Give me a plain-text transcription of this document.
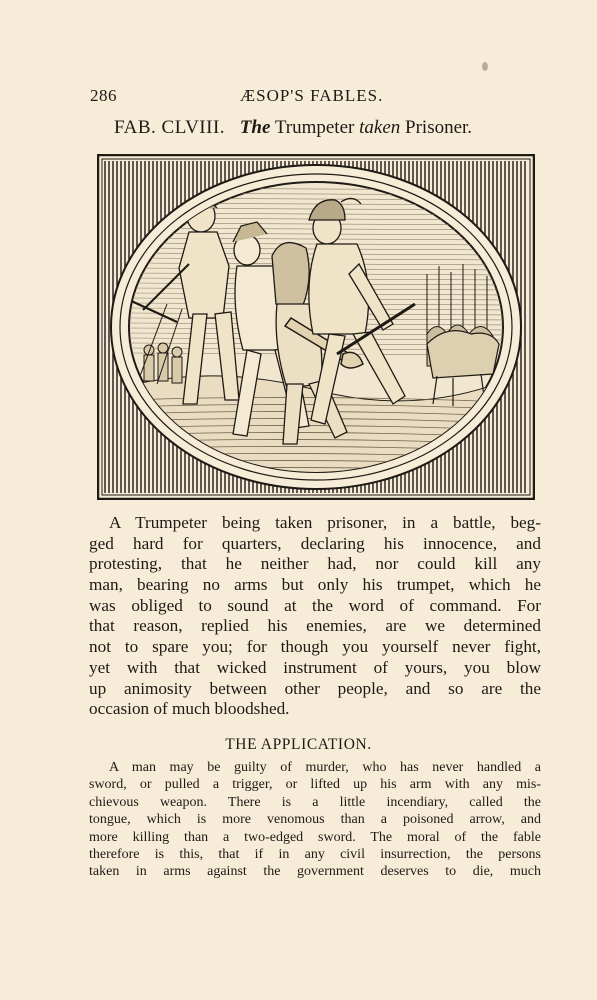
286	ÆSOP'S FABLES.
FAB. CLVIII. The Trumpeter taken Prisoner.
A Trumpeter being taken prisoner, in a battle, beg-
ged hard for quarters, declaring his innocence, and
protesting, that he neither had, nor could kill any
man, bearing no arms but only his trumpet, which he
was obliged to sound at the word of command. For
that reason, replied his enemies, are we determined
not to spare you; for though you yourself never fight,
yet with that wicked instrument of yours, you blow
up animosity between other people, and so are the
occasion of much bloodshed.
THE APPLICATION.
A man may be guilty of murder, who has never handled a
sword, or pulled a trigger, or lifted up his arm with any mis-
chievous weapon. There is a little incendiary, called the
tongue, which is more venomous than a poisoned arrow, and
more killing than a two-edged sword. The moral of the fable
therefore is this, that if in any civil insurrection, the persons
taken in arms against the government deserves to die, much
